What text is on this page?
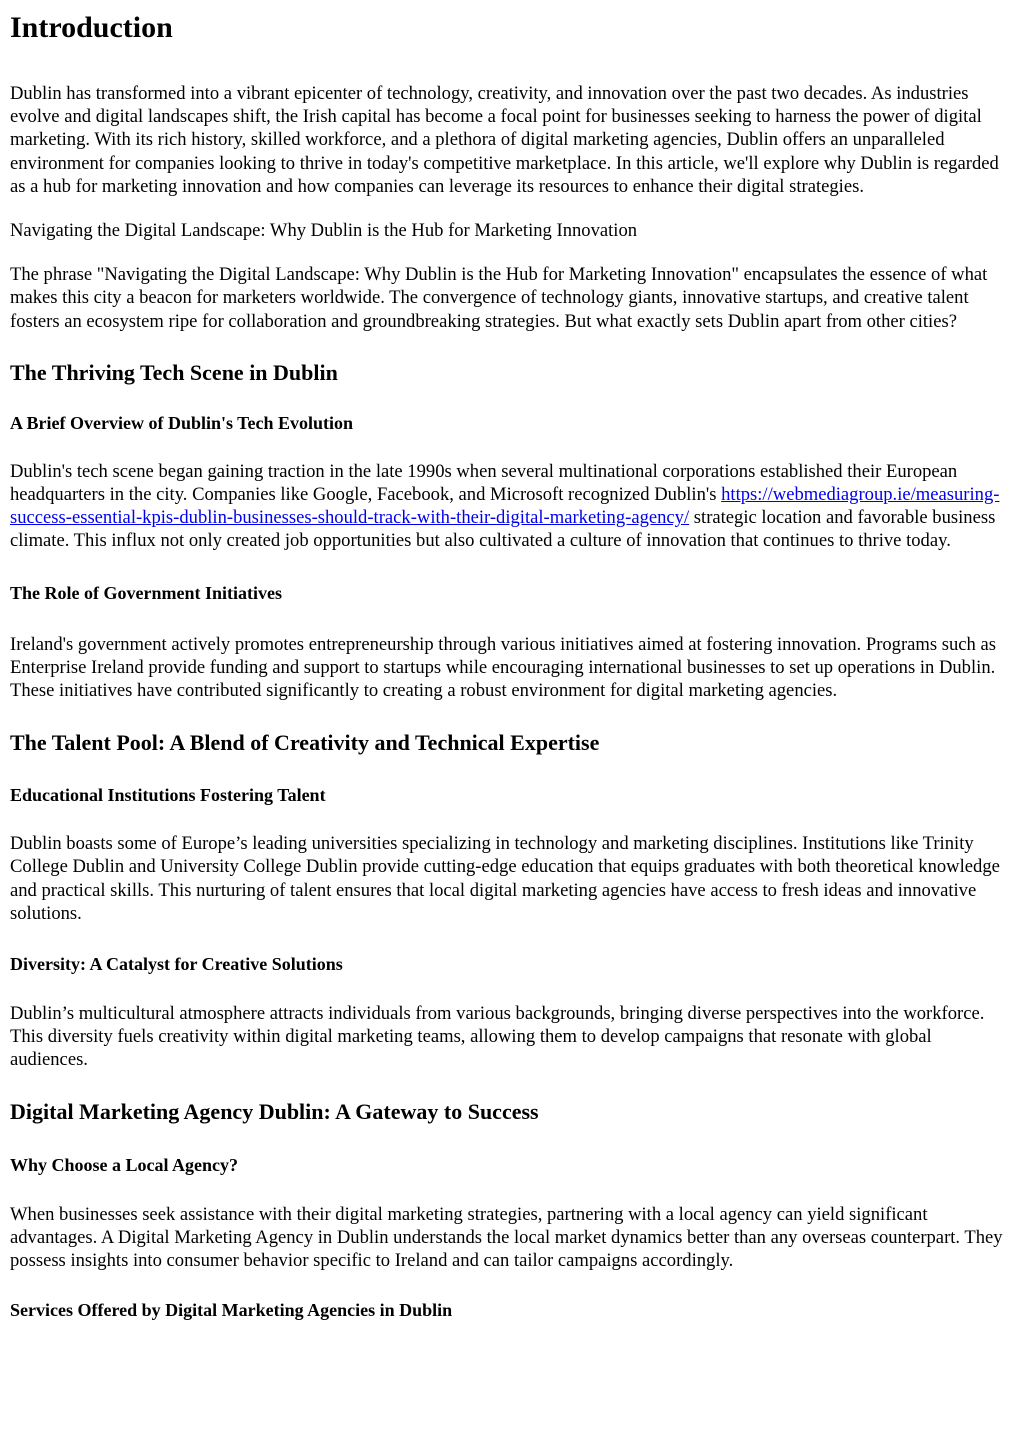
Introduction

Dublin has transformed into a vibrant epicenter of technology, creativity, and innovation over the past two decades. As industries evolve and digital landscapes shift, the Irish capital has become a focal point for businesses seeking to harness the power of digital marketing. With its rich history, skilled workforce, and a plethora of digital marketing agencies, Dublin offers an unparalleled environment for companies looking to thrive in today's competitive marketplace. In this article, we'll explore why Dublin is regarded as a hub for marketing innovation and how companies can leverage its resources to enhance their digital strategies.

Navigating the Digital Landscape: Why Dublin is the Hub for Marketing Innovation

The phrase "Navigating the Digital Landscape: Why Dublin is the Hub for Marketing Innovation" encapsulates the essence of what makes this city a beacon for marketers worldwide. The convergence of technology giants, innovative startups, and creative talent fosters an ecosystem ripe for collaboration and groundbreaking strategies. But what exactly sets Dublin apart from other cities?

The Thriving Tech Scene in Dublin
A Brief Overview of Dublin's Tech Evolution

Dublin's tech scene began gaining traction in the late 1990s when several multinational corporations established their European headquarters in the city. Companies like Google, Facebook, and Microsoft recognized Dublin's https://webmediagroup.ie/measuring-success-essential-kpis-dublin-businesses-should-track-with-their-digital-marketing-agency/ strategic location and favorable business climate. This influx not only created job opportunities but also cultivated a culture of innovation that continues to thrive today.

The Role of Government Initiatives

Ireland's government actively promotes entrepreneurship through various initiatives aimed at fostering innovation. Programs such as Enterprise Ireland provide funding and support to startups while encouraging international businesses to set up operations in Dublin. These initiatives have contributed significantly to creating a robust environment for digital marketing agencies.

The Talent Pool: A Blend of Creativity and Technical Expertise
Educational Institutions Fostering Talent

Dublin boasts some of Europe’s leading universities specializing in technology and marketing disciplines. Institutions like Trinity College Dublin and University College Dublin provide cutting-edge education that equips graduates with both theoretical knowledge and practical skills. This nurturing of talent ensures that local digital marketing agencies have access to fresh ideas and innovative solutions.

Diversity: A Catalyst for Creative Solutions

Dublin’s multicultural atmosphere attracts individuals from various backgrounds, bringing diverse perspectives into the workforce. This diversity fuels creativity within digital marketing teams, allowing them to develop campaigns that resonate with global audiences.

Digital Marketing Agency Dublin: A Gateway to Success
Why Choose a Local Agency?

When businesses seek assistance with their digital marketing strategies, partnering with a local agency can yield significant advantages. A Digital Marketing Agency in Dublin understands the local market dynamics better than any overseas counterpart. They possess insights into consumer behavior specific to Ireland and can tailor campaigns accordingly.

Services Offered by Digital Marketing Agencies in Dublin
